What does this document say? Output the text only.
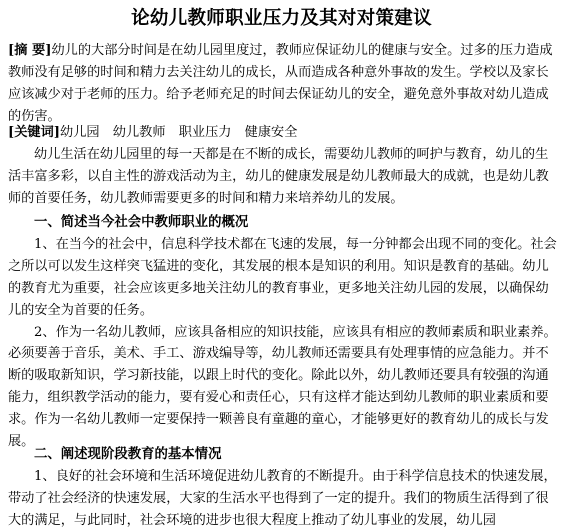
论幼儿教师职业压力及其对对策建议

[摘 要]幼儿的大部分时间是在幼儿园里度过，教师应保证幼儿的健康与安全。过多的压力造成教师没有足够的时间和精力去关注幼儿的成长，从而造成各种意外事故的发生。学校以及家长应该减少对于老师的压力。给予老师充足的时间去保证幼儿的安全，避免意外事故对幼儿造成的伤害。

[关键词]幼儿园　幼儿教师　职业压力　健康安全

幼儿生活在幼儿园里的每一天都是在不断的成长，需要幼儿教师的呵护与教育，幼儿的生活丰富多彩，以自主性的游戏活动为主，幼儿的健康发展是幼儿教师最大的成就，也是幼儿教师的首要任务，幼儿教师需要更多的时间和精力来培养幼儿的发展。

一、简述当今社会中教师职业的概况

1、在当今的社会中，信息科学技术都在飞速的发展，每一分钟都会出现不同的变化。社会之所以可以发生这样突飞猛进的变化，其发展的根本是知识的利用。知识是教育的基础。幼儿的教育尤为重要，社会应该更多地关注幼儿的教育事业，更多地关注幼儿园的发展，以确保幼儿的安全为首要的任务。

2、作为一名幼儿教师，应该具备相应的知识技能，应该具有相应的教师素质和职业素养。必须要善于音乐，美术、手工、游戏编导等，幼儿教师还需要具有处理事情的应急能力。并不断的吸取新知识，学习新技能，以跟上时代的变化。除此以外，幼儿教师还要具有较强的沟通能力，组织教学活动的能力，要有爱心和责任心，只有这样才能达到幼儿教师的职业素质和要求。作为一名幼儿教师一定要保持一颗善良有童趣的童心，才能够更好的教育幼儿的成长与发展。

二、阐述现阶段教育的基本情况

1、良好的社会环境和生活环境促进幼儿教育的不断提升。由于科学信息技术的快速发展，带动了社会经济的快速发展，大家的生活水平也得到了一定的提升。我们的物质生活得到了很大的满足，与此同时，社会环境的进步也很大程度上推动了幼儿事业的发展，幼儿园
